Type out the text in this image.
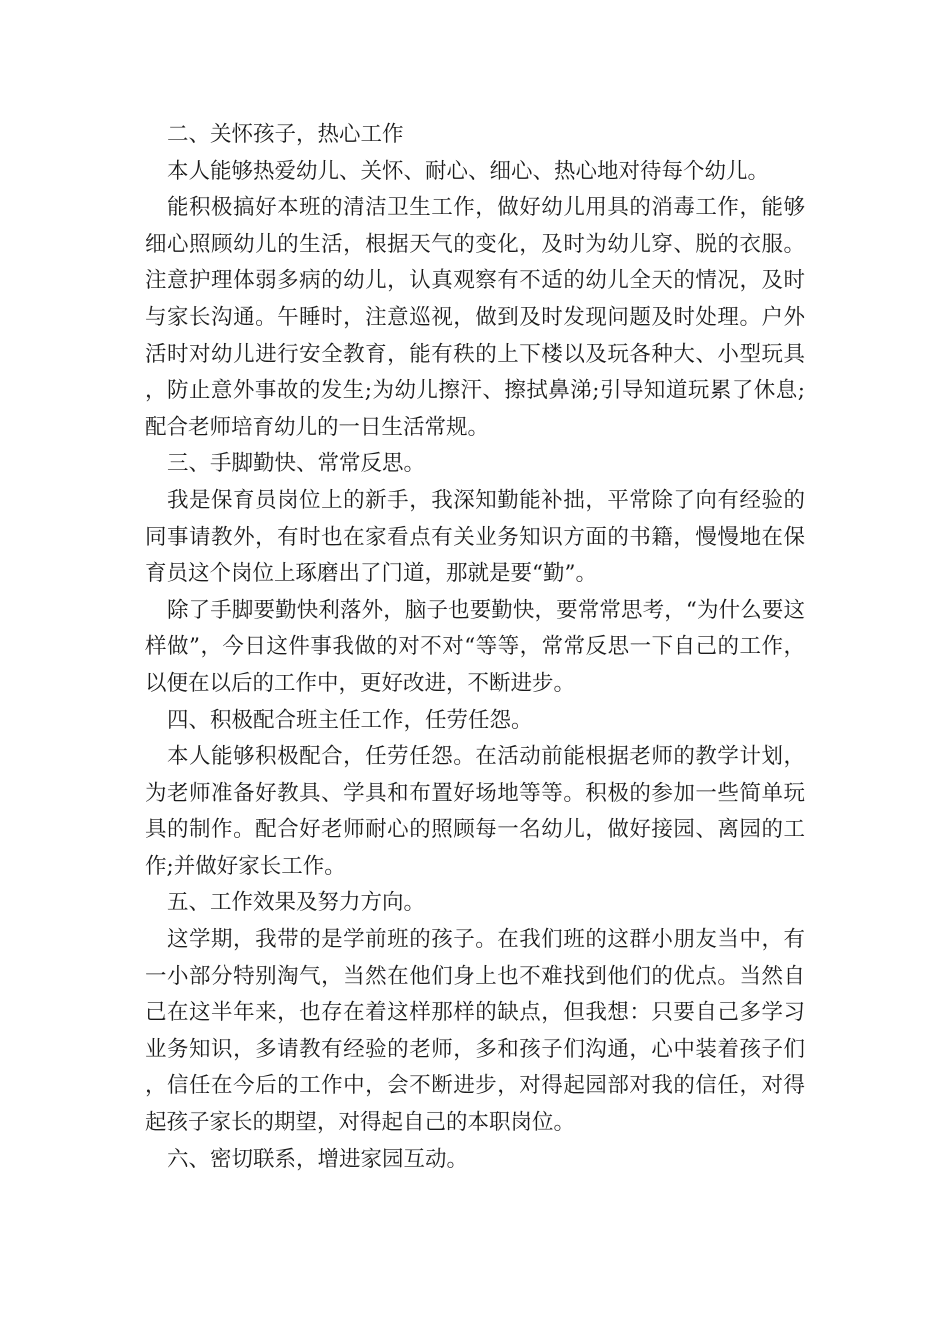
二、关怀孩子，热心工作

本人能够热爱幼儿、关怀、耐心、细心、热心地对待每个幼儿。

能积极搞好本班的清洁卫生工作，做好幼儿用具的消毒工作，能够细心照顾幼儿的生活，根据天气的变化，及时为幼儿穿、脱的衣服。注意护理体弱多病的幼儿，认真观察有不适的幼儿全天的情况，及时与家长沟通。午睡时，注意巡视，做到及时发现问题及时处理。户外活时对幼儿进行安全教育，能有秩的上下楼以及玩各种大、小型玩具，防止意外事故的发生;为幼儿擦汗、擦拭鼻涕;引导知道玩累了休息;配合老师培育幼儿的一日生活常规。

三、手脚勤快、常常反思。

我是保育员岗位上的新手，我深知勤能补拙，平常除了向有经验的同事请教外，有时也在家看点有关业务知识方面的书籍，慢慢地在保育员这个岗位上琢磨出了门道，那就是要“勤”。

除了手脚要勤快利落外，脑子也要勤快，要常常思考，“为什么要这样做”，今日这件事我做的对不对“等等，常常反思一下自己的工作，以便在以后的工作中，更好改进，不断进步。

四、积极配合班主任工作，任劳任怨。

本人能够积极配合，任劳任怨。在活动前能根据老师的教学计划，为老师准备好教具、学具和布置好场地等等。积极的参加一些简单玩具的制作。配合好老师耐心的照顾每一名幼儿，做好接园、离园的工作;并做好家长工作。

五、工作效果及努力方向。

这学期，我带的是学前班的孩子。在我们班的这群小朋友当中，有一小部分特别淘气，当然在他们身上也不难找到他们的优点。当然自己在这半年来，也存在着这样那样的缺点，但我想：只要自己多学习业务知识，多请教有经验的老师，多和孩子们沟通，心中装着孩子们，信任在今后的工作中，会不断进步，对得起园部对我的信任，对得起孩子家长的期望，对得起自己的本职岗位。

六、密切联系，增进家园互动。
